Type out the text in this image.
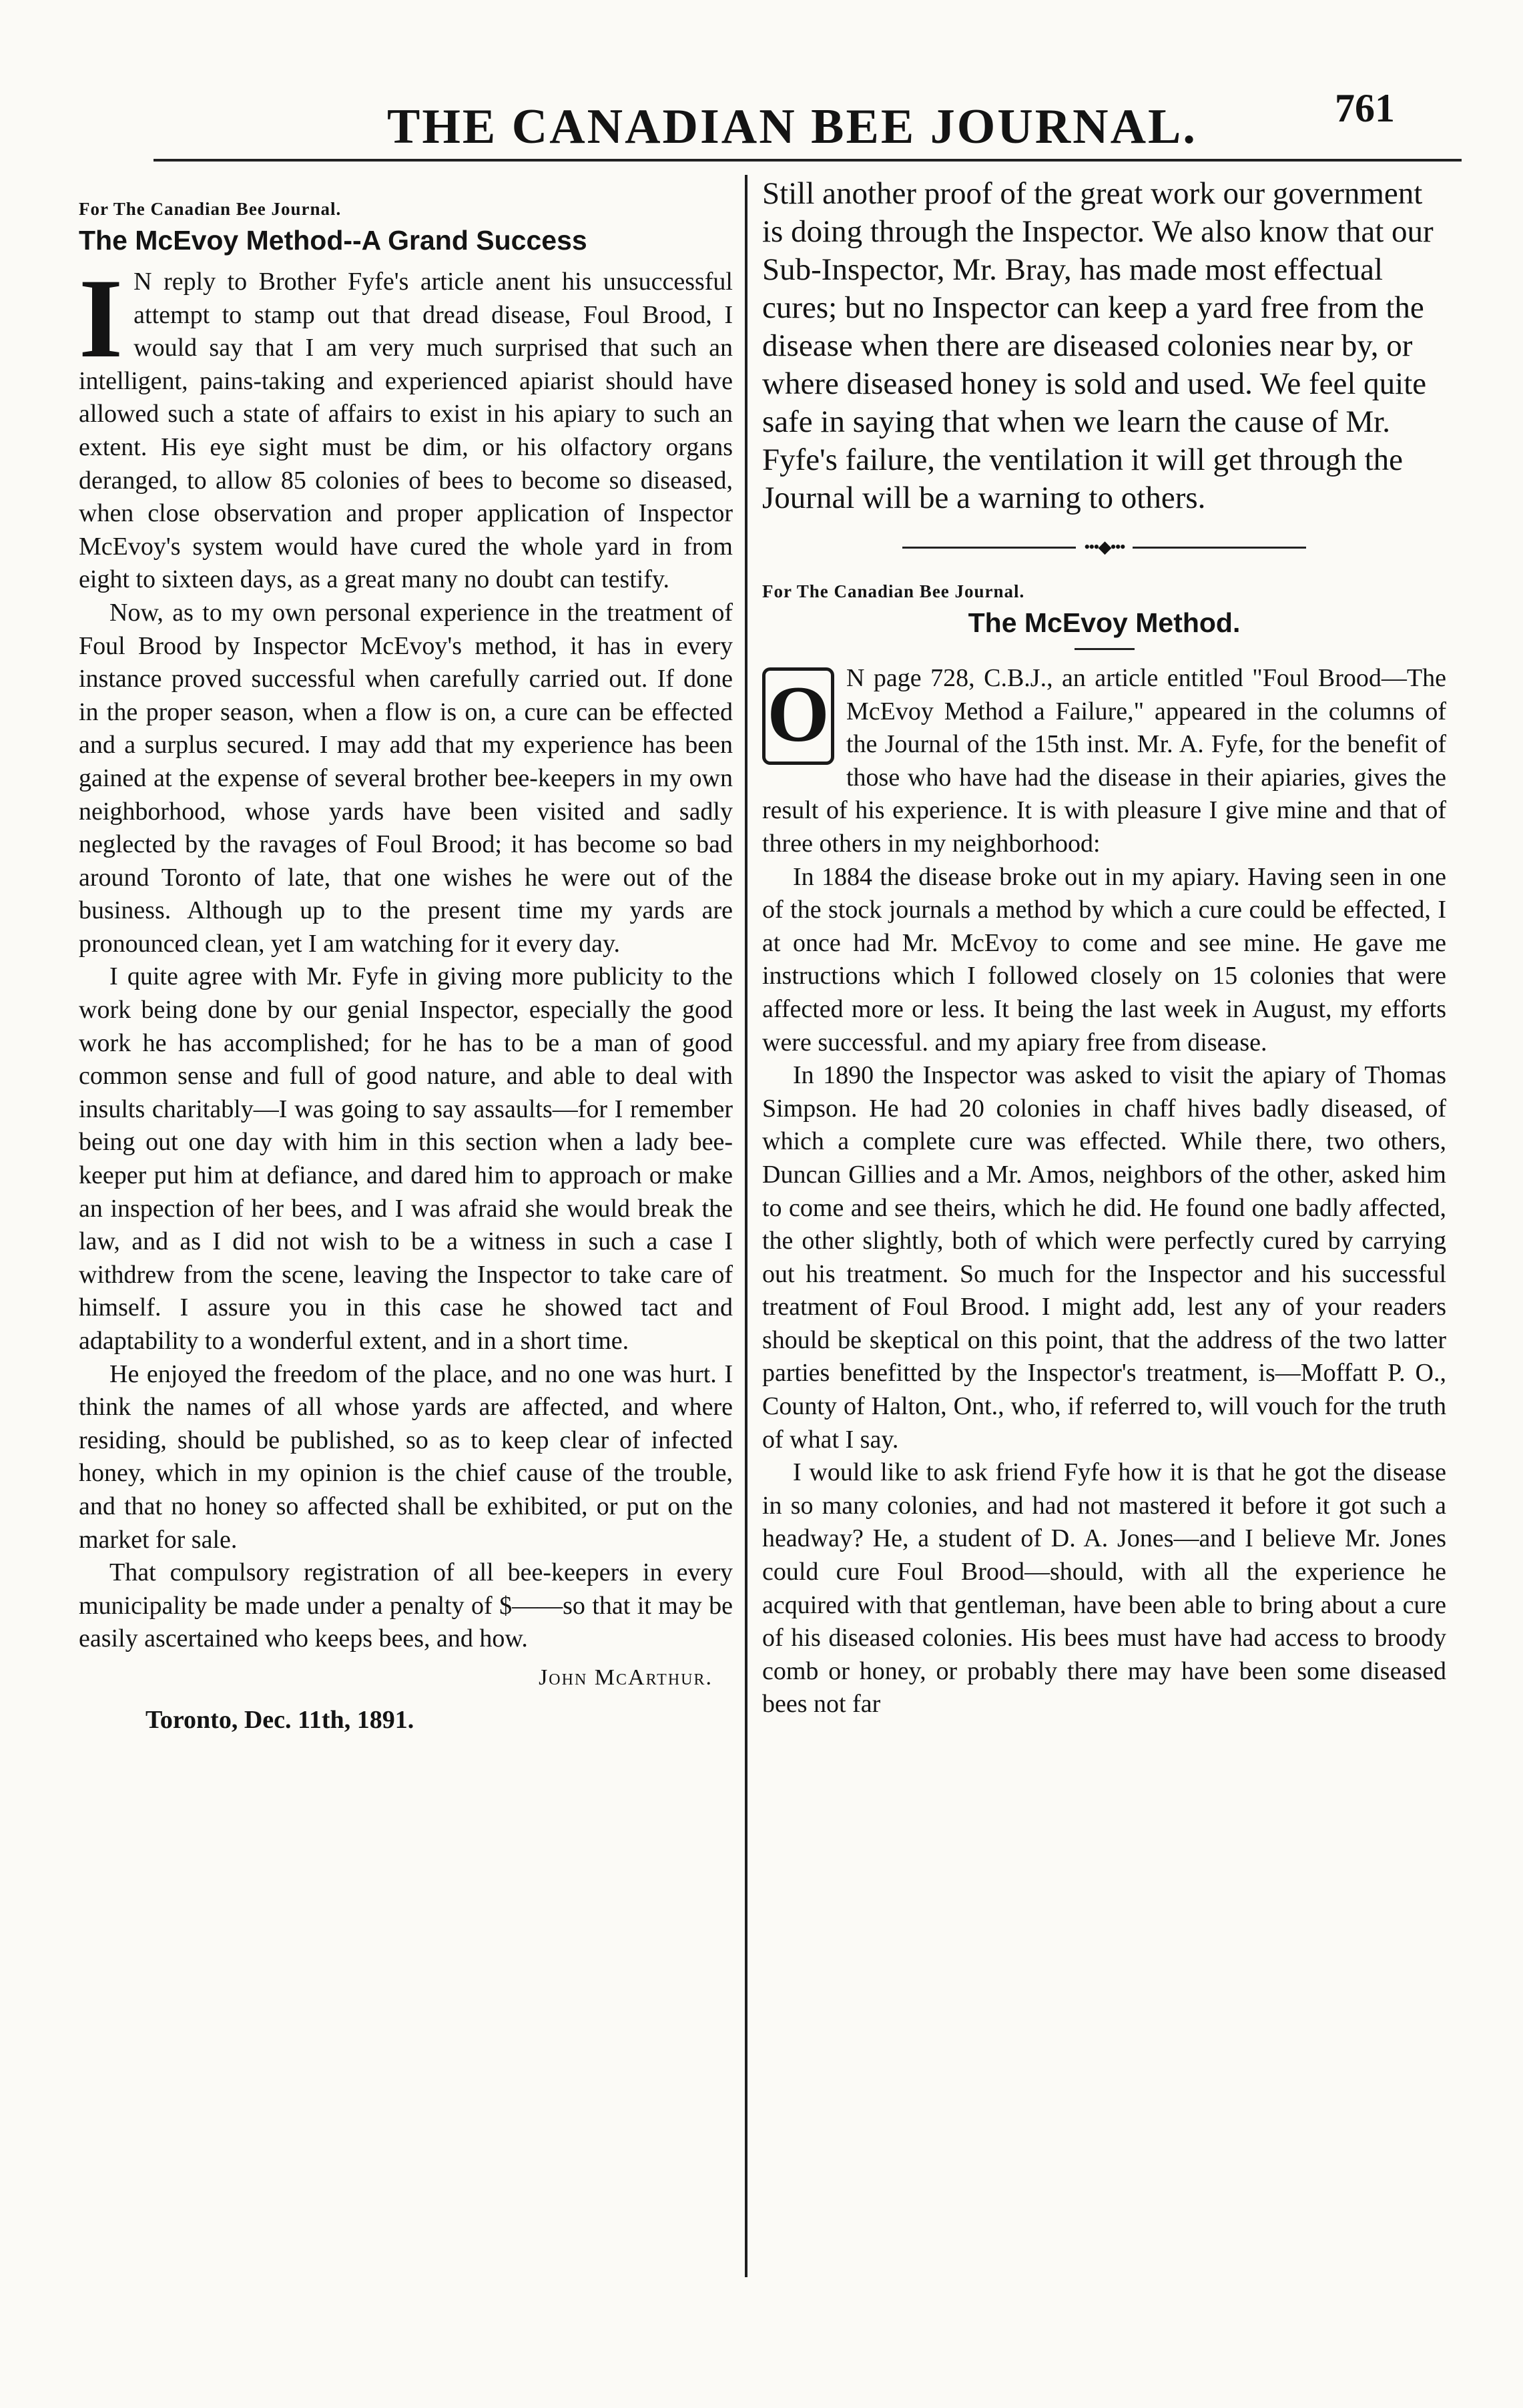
THE CANADIAN BEE JOURNAL.	761
For The Canadian Bee Journal.
The McEvoy Method--A Grand Success

I N reply to Brother Fyfe's article anent his unsuccessful attempt to stamp out that dread disease, Foul Brood, I would say that I am very much surprised that such an intelligent, pains-taking and experienced apiarist should have allowed such a state of affairs to exist in his apiary to such an extent. His eye sight must be dim, or his olfactory organs deranged, to allow 85 colonies of bees to become so diseased, when close observation and proper application of Inspector McEvoy's system would have cured the whole yard in from eight to sixteen days, as a great many no doubt can testify.

Now, as to my own personal experience in the treatment of Foul Brood by Inspector McEvoy's method, it has in every instance proved successful when carefully carried out. If done in the proper season, when a flow is on, a cure can be effected and a surplus secured. I may add that my experience has been gained at the expense of several brother bee-keepers in my own neighborhood, whose yards have been visited and sadly neglected by the ravages of Foul Brood; it has become so bad around Toronto of late, that one wishes he were out of the business. Although up to the present time my yards are pronounced clean, yet I am watching for it every day.

I quite agree with Mr. Fyfe in giving more publicity to the work being done by our genial Inspector, especially the good work he has accomplished; for he has to be a man of good common sense and full of good nature, and able to deal with insults charitably—I was going to say assaults—for I remember being out one day with him in this section when a lady bee-keeper put him at defiance, and dared him to approach or make an inspection of her bees, and I was afraid she would break the law, and as I did not wish to be a witness in such a case I withdrew from the scene, leaving the Inspector to take care of himself. I assure you in this case he showed tact and adaptability to a wonderful extent, and in a short time.

He enjoyed the freedom of the place, and no one was hurt. I think the names of all whose yards are affected, and where residing, should be published, so as to keep clear of infected honey, which in my opinion is the chief cause of the trouble, and that no honey so affected shall be exhibited, or put on the market for sale.

That compulsory registration of all bee-keepers in every municipality be made under a penalty of $——so that it may be easily ascertained who keeps bees, and how.

John McArthur.
Toronto, Dec. 11th, 1891.

Still another proof of the great work our government is doing through the Inspector. We also know that our Sub-Inspector, Mr. Bray, has made most effectual cures; but no Inspector can keep a yard free from the disease when there are diseased colonies near by, or where diseased honey is sold and used. We feel quite safe in saying that when we learn the cause of Mr. Fyfe's failure, the ventilation it will get through the Journal will be a warning to others.

•••◆•••
For The Canadian Bee Journal.
The McEvoy Method.

O N page 728, C.B.J., an article entitled "Foul Brood—The McEvoy Method a Failure," appeared in the columns of the Journal of the 15th inst. Mr. A. Fyfe, for the benefit of those who have had the disease in their apiaries, gives the result of his experience. It is with pleasure I give mine and that of three others in my neighborhood:

In 1884 the disease broke out in my apiary. Having seen in one of the stock journals a method by which a cure could be effected, I at once had Mr. McEvoy to come and see mine. He gave me instructions which I followed closely on 15 colonies that were affected more or less. It being the last week in August, my efforts were successful. and my apiary free from disease.

In 1890 the Inspector was asked to visit the apiary of Thomas Simpson. He had 20 colonies in chaff hives badly diseased, of which a complete cure was effected. While there, two others, Duncan Gillies and a Mr. Amos, neighbors of the other, asked him to come and see theirs, which he did. He found one badly affected, the other slightly, both of which were perfectly cured by carrying out his treatment. So much for the Inspector and his successful treatment of Foul Brood. I might add, lest any of your readers should be skeptical on this point, that the address of the two latter parties benefitted by the Inspector's treatment, is—Moffatt P. O., County of Halton, Ont., who, if referred to, will vouch for the truth of what I say.

I would like to ask friend Fyfe how it is that he got the disease in so many colonies, and had not mastered it before it got such a headway? He, a student of D. A. Jones—and I believe Mr. Jones could cure Foul Brood—should, with all the experience he acquired with that gentleman, have been able to bring about a cure of his diseased colonies. His bees must have had access to broody comb or honey, or probably there may have been some diseased bees not far
